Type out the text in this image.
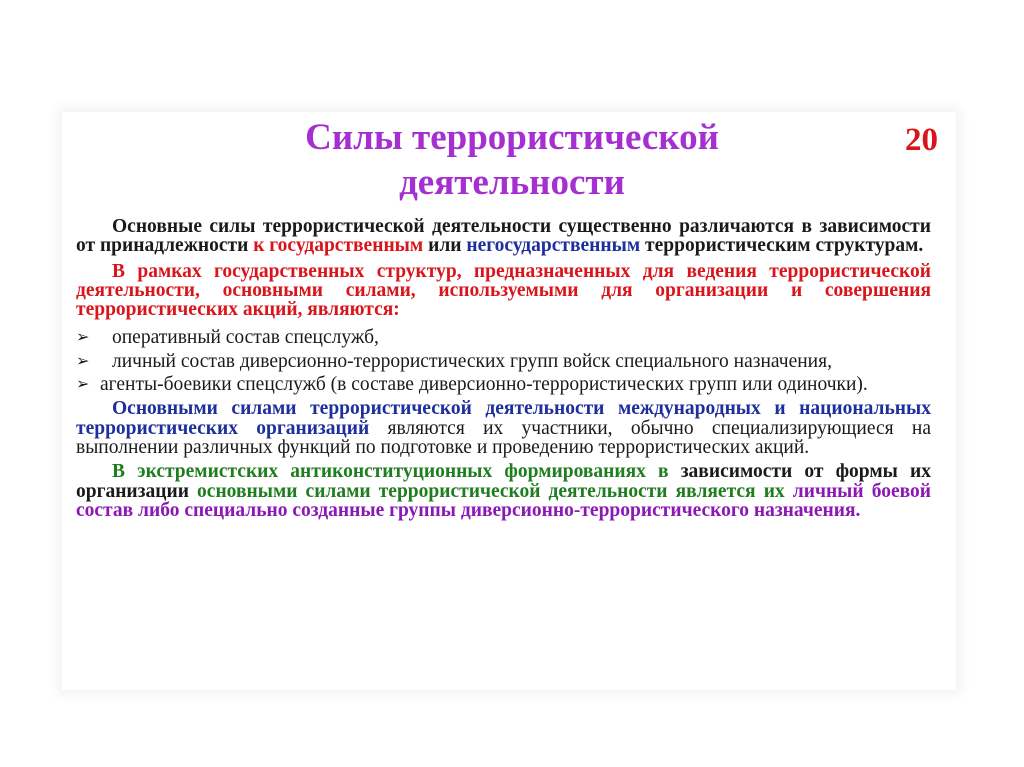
Силы террористической
деятельности
20

Основные силы террористической деятельности существенно различаются в зависимости от принадлежности к государственным или негосударственным террористическим структурам.

В рамках государственных структур, предназначенных для ведения террористической деятельности, основными силами, используемыми для организации и совершения террористических акций, являются:

➢	оперативный состав спецслужб,
➢	личный состав диверсионно-террористических групп войск специального назначения,
➢ агенты-боевики спецслужб (в составе диверсионно-террористических групп или одиночки).

Основными силами террористической деятельности международных и национальных террористических организаций являются их участники, обычно специализирующиеся на выполнении различных функций по подготовке и проведению террористических акций.

В экстремистских антиконституционных формированиях в зависимости от формы их организации основными силами террористической деятельности является их личный боевой состав либо специально созданные группы диверсионно-террористического назначения.
